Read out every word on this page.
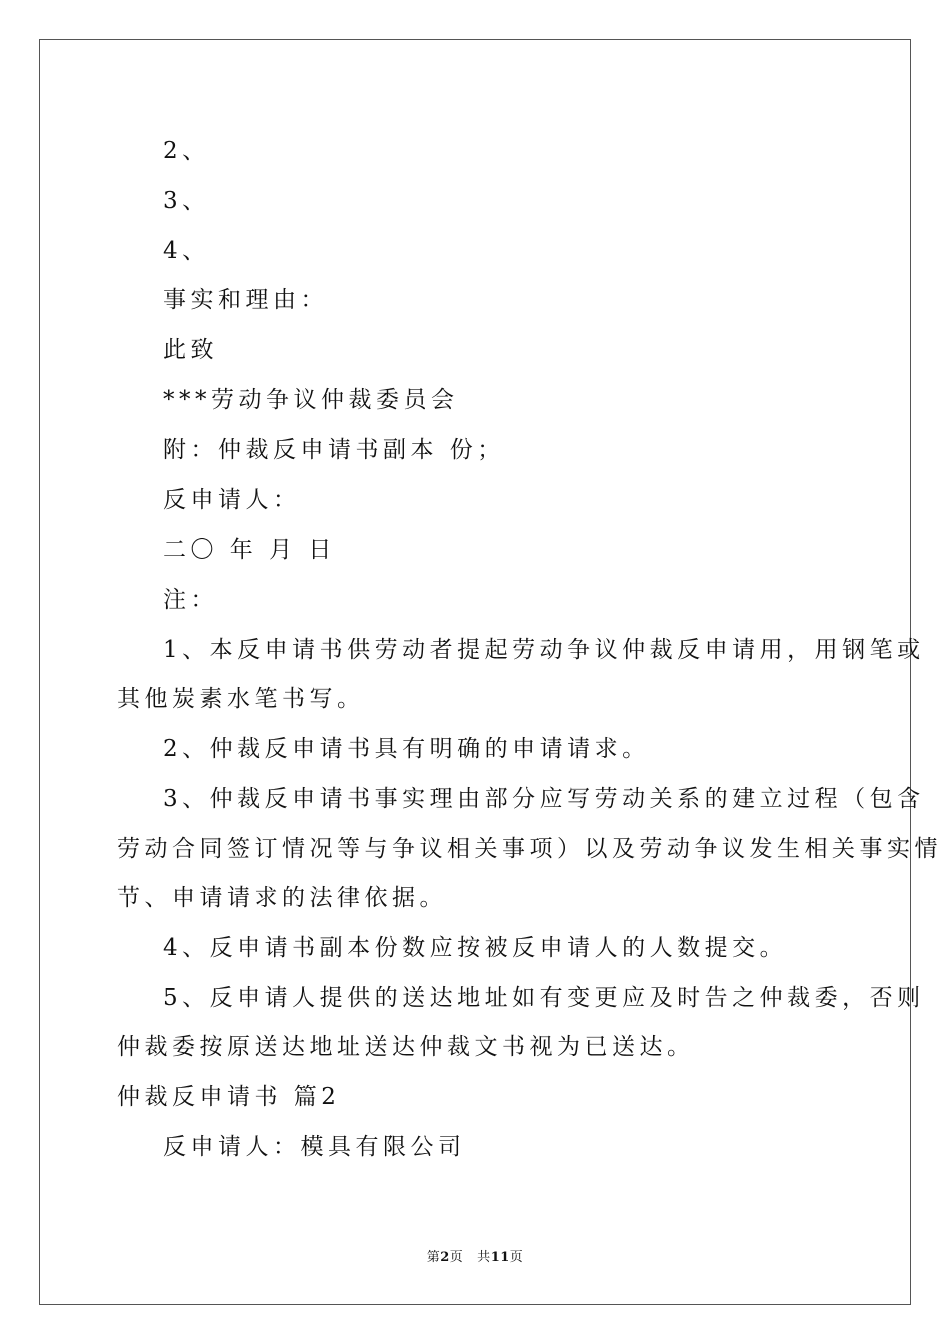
2、
3、
4、
事实和理由：
此致
***劳动争议仲裁委员会
附：仲裁反申请书副本 份；
反申请人：
二〇 年 月 日
注：
1、本反申请书供劳动者提起劳动争议仲裁反申请用，用钢笔或
其他炭素水笔书写。
2、仲裁反申请书具有明确的申请请求。
3、仲裁反申请书事实理由部分应写劳动关系的建立过程（包含
劳动合同签订情况等与争议相关事项）以及劳动争议发生相关事实情
节、申请请求的法律依据。
4、反申请书副本份数应按被反申请人的人数提交。
5、反申请人提供的送达地址如有变更应及时告之仲裁委，否则
仲裁委按原送达地址送达仲裁文书视为已送达。
仲裁反申请书 篇2
反申请人：模具有限公司
第2页 共11页
